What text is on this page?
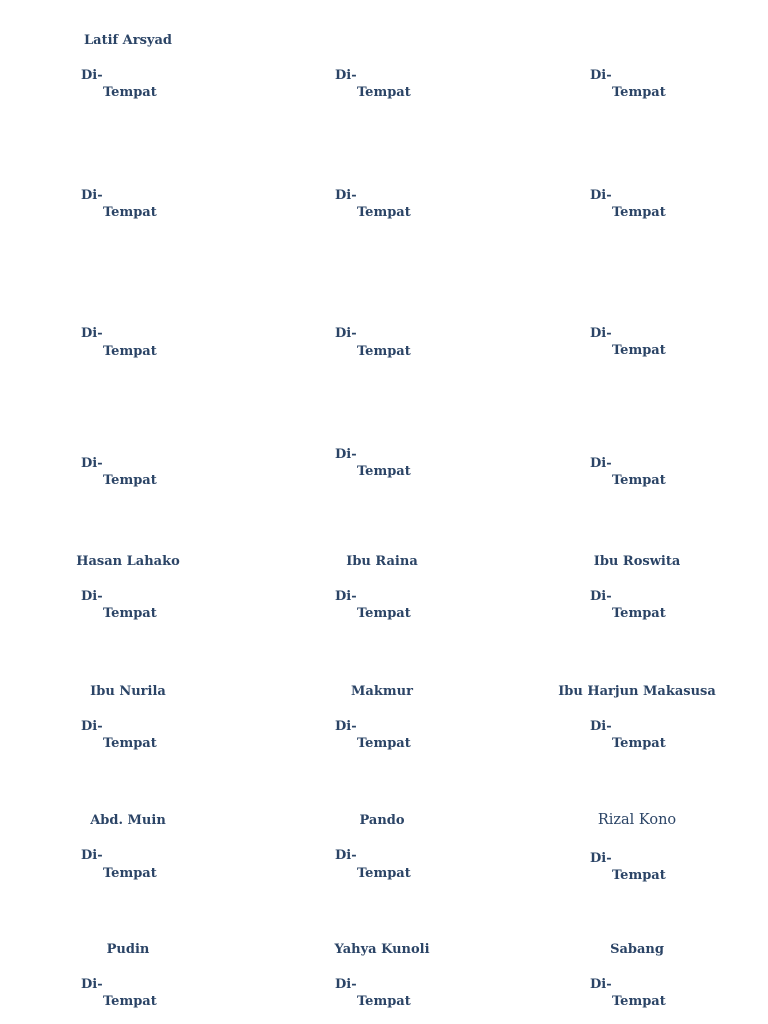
Latif Arsyad
Di-
Tempat
Di-
Tempat
Di-
Tempat
Di-
Tempat
Di-
Tempat
Di-
Tempat
Di-
Tempat
Di-
Tempat
Di-
Tempat
Di-
Tempat
Di-
Tempat
Di-
Tempat
Hasan Lahako
Di-
Tempat
Ibu Raina
Di-
Tempat
Ibu Roswita
Di-
Tempat
Ibu Nurila
Di-
Tempat
Makmur
Di-
Tempat
Ibu Harjun Makasusa
Di-
Tempat
Abd. Muin
Di-
Tempat
Pando
Di-
Tempat
Rizal Kono
Di-
Tempat
Pudin
Di-
Tempat
Yahya Kunoli
Di-
Tempat
Sabang
Di-
Tempat
